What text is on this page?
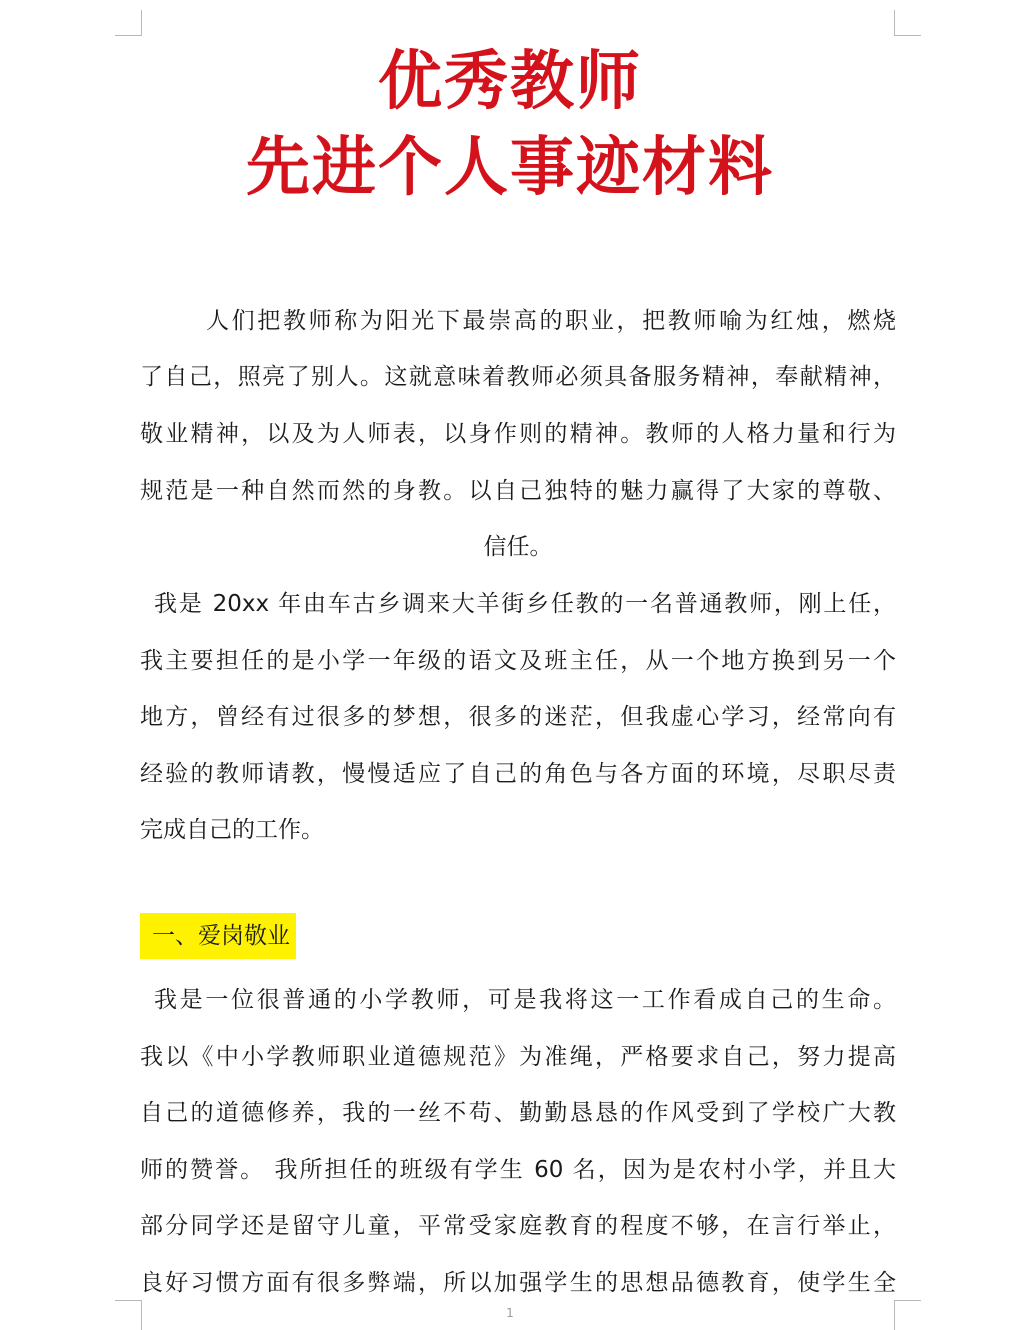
优秀教师
先进个人事迹材料
人们把教师称为阳光下最崇高的职业，把教师喻为红烛，燃烧
了自己，照亮了别人。这就意味着教师必须具备服务精神，奉献精神，
敬业精神，以及为人师表，以身作则的精神。教师的人格力量和行为
规范是一种自然而然的身教。以自己独特的魅力赢得了大家的尊敬、
信任。
我是 20xx 年由车古乡调来大羊街乡任教的一名普通教师，刚上任，
我主要担任的是小学一年级的语文及班主任，从一个地方换到另一个
地方，曾经有过很多的梦想，很多的迷茫，但我虚心学习，经常向有
经验的教师请教，慢慢适应了自己的角色与各方面的环境，尽职尽责
完成自己的工作。
一、爱岗敬业
我是一位很普通的小学教师，可是我将这一工作看成自己的生命。
我以《中小学教师职业道德规范》为准绳，严格要求自己，努力提高
自己的道德修养，我的一丝不苟、勤勤恳恳的作风受到了学校广大教
师的赞誉。 我所担任的班级有学生 60 名，因为是农村小学，并且大
部分同学还是留守儿童，平常受家庭教育的程度不够，在言行举止，
良好习惯方面有很多弊端，所以加强学生的思想品德教育，使学生全
1
